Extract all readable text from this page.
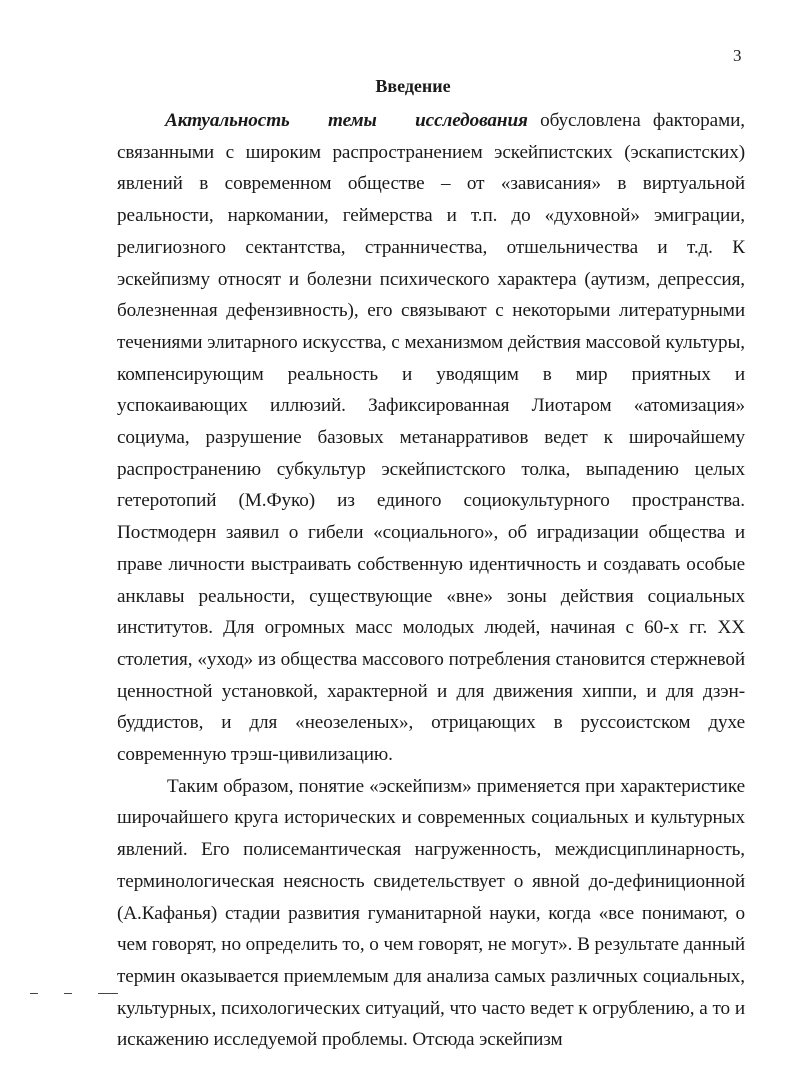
3
Введение

Актуальность темы исследования обусловлена факторами, связанными с широким распространением эскейпистских (эскапистских) явлений в современном обществе – от «зависания» в виртуальной реальности, наркомании, геймерства и т.п. до «духовной» эмиграции, религиозного сектантства, странничества, отшельничества и т.д. К эскейпизму относят и болезни психического характера (аутизм, депрессия, болезненная дефензивность), его связывают с некоторыми литературными течениями элитарного искусства, с механизмом действия массовой культуры, компенсирующим реальность и уводящим в мир приятных и успокаивающих иллюзий. Зафиксированная Лиотаром «атомизация» социума, разрушение базовых метанарративов ведет к широчайшему распространению субкультур эскейпистского толка, выпадению целых гетеротопий (М.Фуко) из единого социокультурного пространства. Постмодерн заявил о гибели «социального», об иградизации общества и праве личности выстраивать собственную идентичность и создавать особые анклавы реальности, существующие «вне» зоны действия социальных институтов. Для огромных масс молодых людей, начиная с 60-х гг. XX столетия, «уход» из общества массового потребления становится стержневой ценностной установкой, характерной и для движения хиппи, и для дзэн-буддистов, и для «неозеленых», отрицающих в руссоистском духе современную трэш-цивилизацию.

Таким образом, понятие «эскейпизм» применяется при характеристике широчайшего круга исторических и современных социальных и культурных явлений. Его полисемантическая нагруженность, междисциплинарность, терминологическая неясность свидетельствует о явной до-дефиниционной (А.Кафанья) стадии развития гуманитарной науки, когда «все понимают, о чем говорят, но определить то, о чем говорят, не могут». В результате данный термин оказывается приемлемым для анализа самых различных социальных, культурных, психологических ситуаций, что часто ведет к огрублению, а то и искажению исследуемой проблемы. Отсюда эскейпизм
